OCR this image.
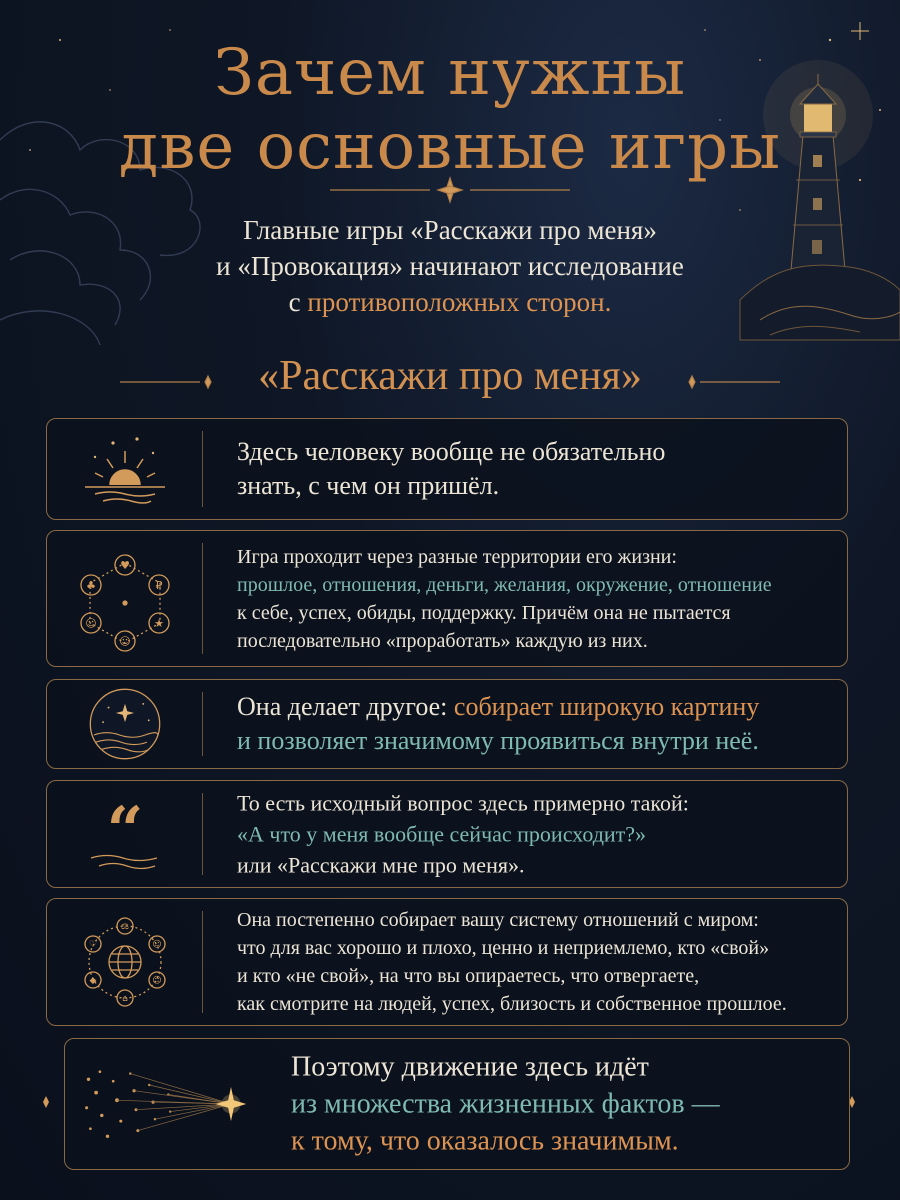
Зачем нужны
две основные игры
Главные игры «Расскажи про меня»
и «Провокация» начинают исследование
с противоположных сторон.
«Расскажи про меня»
Здесь человеку вообще не обязательно
знать, с чем он пришёл.
♥
₽
★
☺
☺
♣
Игра проходит через разные территории его жизни:
прошлое, отношения, деньги, желания, окружение, отношение
к себе, успех, обиды, поддержку. Причём она не пытается
последовательно «проработать» каждую из них.
Она делает другое: собирает широкую картину
и позволяет значимому проявиться внутри неё.
“	То есть исходный вопрос здесь примерно такой:
«А что у меня вообще сейчас происходит?»
или «Расскажи мне про меня».
⚖
☺
☺
⌂
◆
♡
Она постепенно собирает вашу систему отношений с миром:
что для вас хорошо и плохо, ценно и неприемлемо, кто «свой»
и кто «не свой», на что вы опираетесь, что отвергаете,
как смотрите на людей, успех, близость и собственное прошлое.
Поэтому движение здесь идёт
из множества жизненных фактов —
к тому, что оказалось значимым.
